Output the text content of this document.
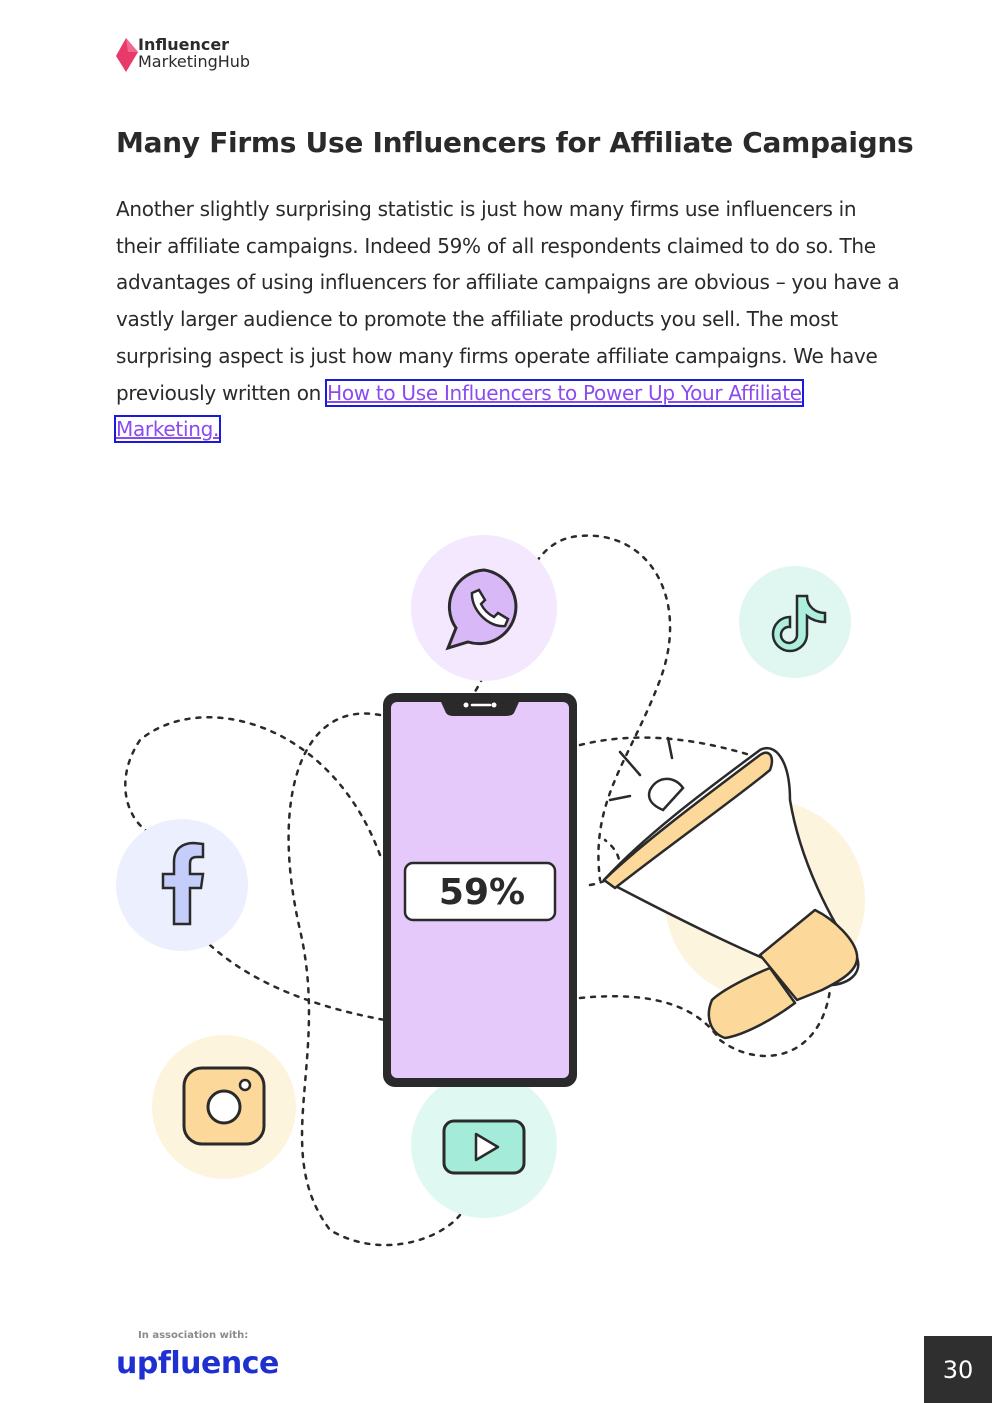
Influencer
MarketingHub
Many Firms Use Influencers for Affiliate Campaigns

Another slightly surprising statistic is just how many firms use influencers in their affiliate campaigns. Indeed 59% of all respondents claimed to do so. The advantages of using influencers for affiliate campaigns are obvious – you have a vastly larger audience to promote the affiliate products you sell. The most surprising aspect is just how many firms operate affiliate campaigns. We have previously written on How to Use Influencers to Power Up Your Affiliate Marketing.

59%
In association with:
upfluence	30
